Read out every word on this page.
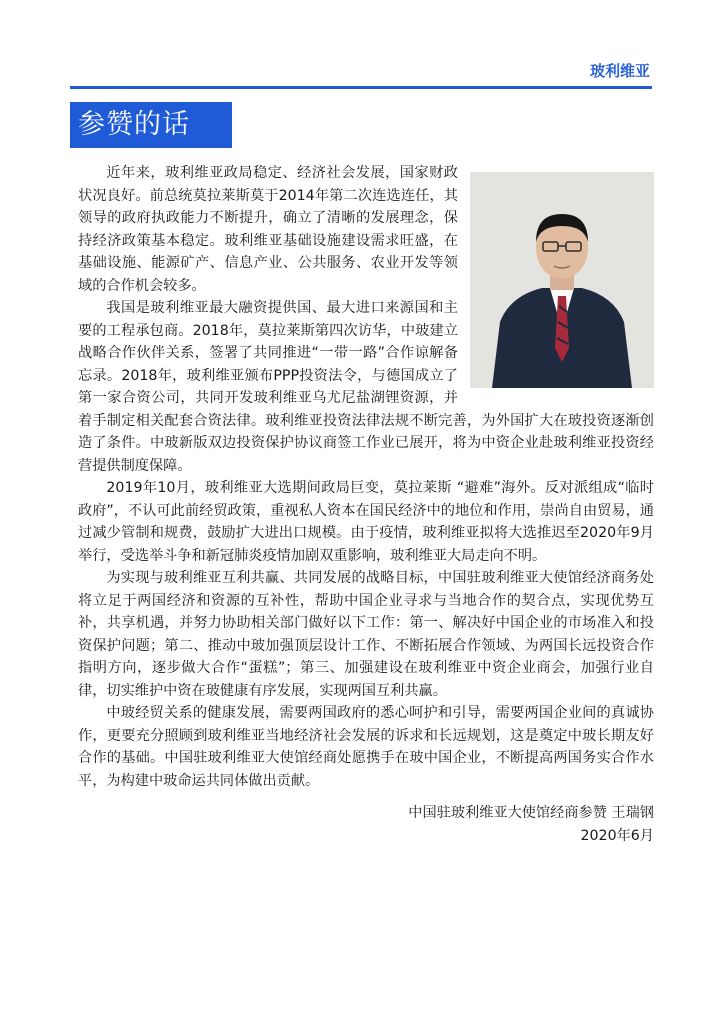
玻利维亚
参赞的话

近年来，玻利维亚政局稳定、经济社会发展，国家财政状况良好。前总统莫拉莱斯莫于2014年第二次连选连任，其领导的政府执政能力不断提升，确立了清晰的发展理念，保持经济政策基本稳定。玻利维亚基础设施建设需求旺盛，在基础设施、能源矿产、信息产业、公共服务、农业开发等领域的合作机会较多。

我国是玻利维亚最大融资提供国、最大进口来源国和主要的工程承包商。2018年，莫拉莱斯第四次访华，中玻建立战略合作伙伴关系，签署了共同推进“一带一路”合作谅解备忘录。2018年，玻利维亚颁布PPP投资法令，与德国成立了第一家合资公司，共同开发玻利维亚乌尤尼盐湖锂资源，并着手制定相关配套合资法律。玻利维亚投资法律法规不断完善，为外国扩大在玻投资逐渐创造了条件。中玻新版双边投资保护协议商签工作业已展开，将为中资企业赴玻利维亚投资经营提供制度保障。

2019年10月，玻利维亚大选期间政局巨变，莫拉莱斯 “避难”海外。反对派组成“临时政府”，不认可此前经贸政策，重视私人资本在国民经济中的地位和作用，崇尚自由贸易，通过减少管制和规费，鼓励扩大进出口规模。由于疫情，玻利维亚拟将大选推迟至2020年9月举行，受选举斗争和新冠肺炎疫情加剧双重影响，玻利维亚大局走向不明。

为实现与玻利维亚互利共赢、共同发展的战略目标，中国驻玻利维亚大使馆经济商务处将立足于两国经济和资源的互补性，帮助中国企业寻求与当地合作的契合点，实现优势互补，共享机遇，并努力协助相关部门做好以下工作：第一、解决好中国企业的市场准入和投资保护问题；第二、推动中玻加强顶层设计工作、不断拓展合作领域、为两国长远投资合作指明方向，逐步做大合作“蛋糕”；第三、加强建设在玻利维亚中资企业商会，加强行业自律，切实维护中资在玻健康有序发展，实现两国互利共赢。

中玻经贸关系的健康发展，需要两国政府的悉心呵护和引导，需要两国企业间的真诚协作，更要充分照顾到玻利维亚当地经济社会发展的诉求和长远规划，这是奠定中玻长期友好合作的基础。中国驻玻利维亚大使馆经商处愿携手在玻中国企业，不断提高两国务实合作水平，为构建中玻命运共同体做出贡献。

中国驻玻利维亚大使馆经商参赞 王瑞钢
2020年6月
